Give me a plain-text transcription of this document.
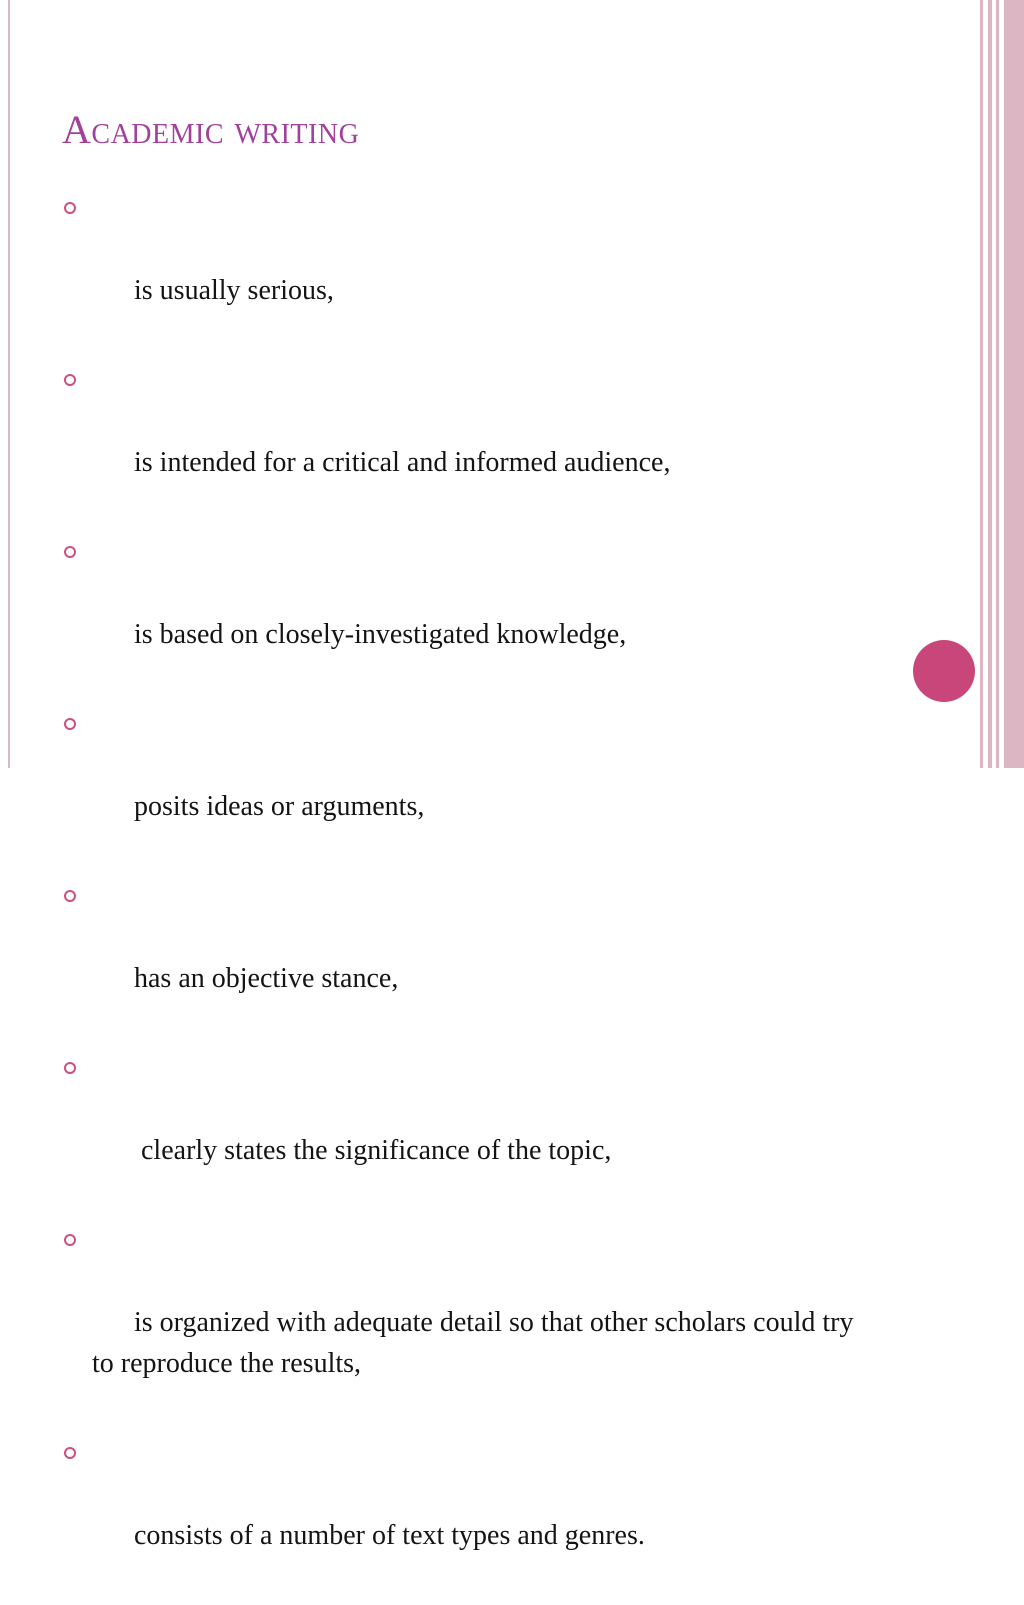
Academic writing

is usually serious,

is intended for a critical and informed audience,

is based on closely-investigated knowledge,

posits ideas or arguments,

has an objective stance,

clearly states the significance of the topic,

is organized with adequate detail so that other scholars could try to reproduce the results,

consists of a number of text types and genres.
